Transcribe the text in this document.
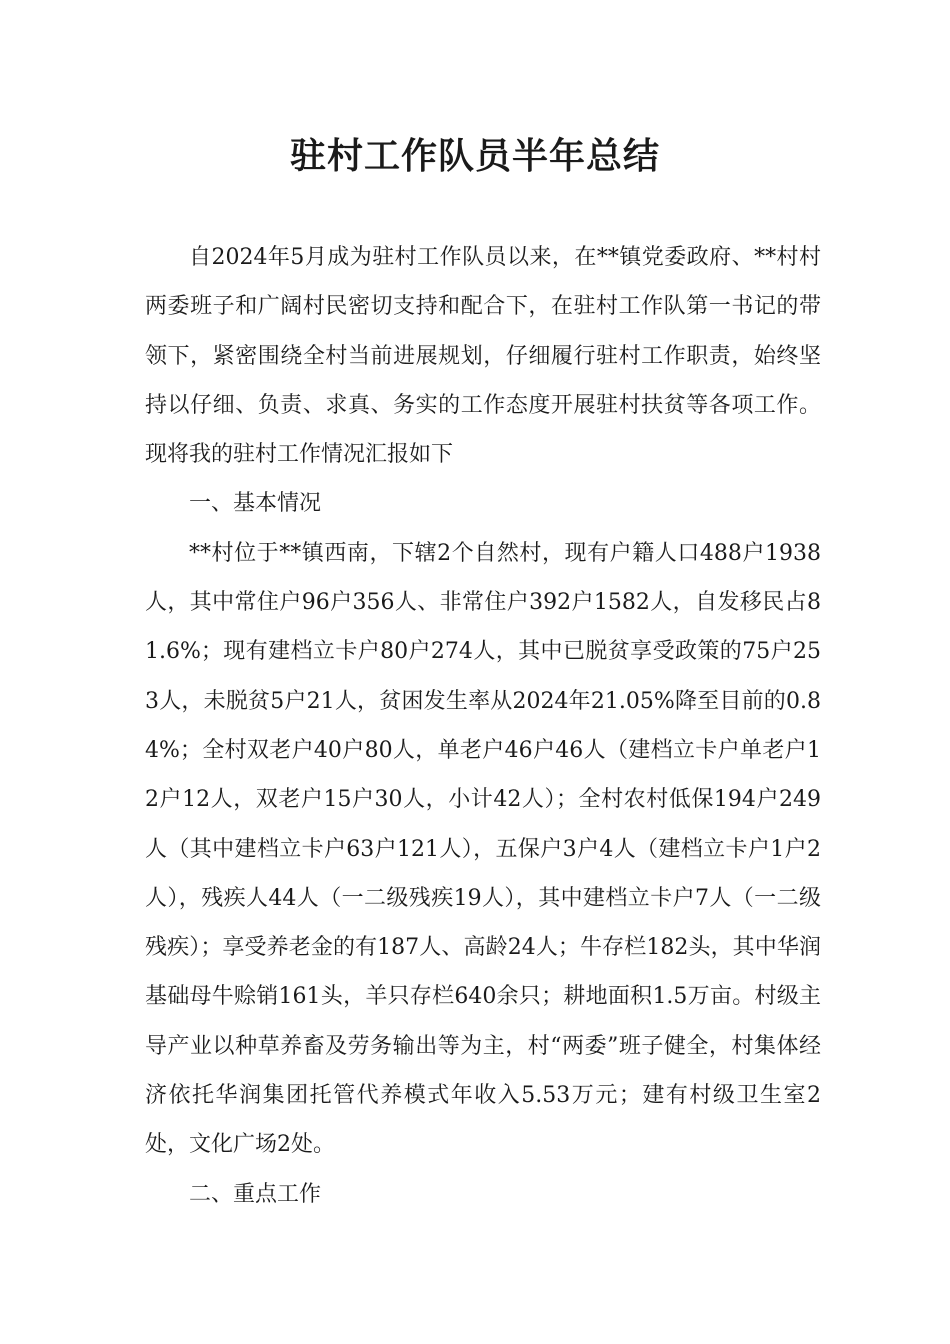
驻村工作队员半年总结

自2024年5月成为驻村工作队员以来，在**镇党委政府、**村村两委班子和广阔村民密切支持和配合下，在驻村工作队第一书记的带领下，紧密围绕全村当前进展规划，仔细履行驻村工作职责，始终坚持以仔细、负责、求真、务实的工作态度开展驻村扶贫等各项工作。现将我的驻村工作情况汇报如下

一、基本情况

**村位于**镇西南，下辖2个自然村，现有户籍人口488户1938人，其中常住户96户356人、非常住户392户1582人，自发移民占81.6%；现有建档立卡户80户274人，其中已脱贫享受政策的75户253人，未脱贫5户21人，贫困发生率从2024年21.05%降至目前的0.84%；全村双老户40户80人，单老户46户46人（建档立卡户单老户12户12人，双老户15户30人，小计42人）；全村农村低保194户249人（其中建档立卡户63户121人），五保户3户4人（建档立卡户1户2人），残疾人44人（一二级残疾19人），其中建档立卡户7人（一二级残疾）；享受养老金的有187人、高龄24人；牛存栏182头，其中华润基础母牛赊销161头，羊只存栏640余只；耕地面积1.5万亩。村级主导产业以种草养畜及劳务输出等为主，村“两委”班子健全，村集体经济依托华润集团托管代养模式年收入5.53万元；建有村级卫生室2处，文化广场2处。

二、重点工作
